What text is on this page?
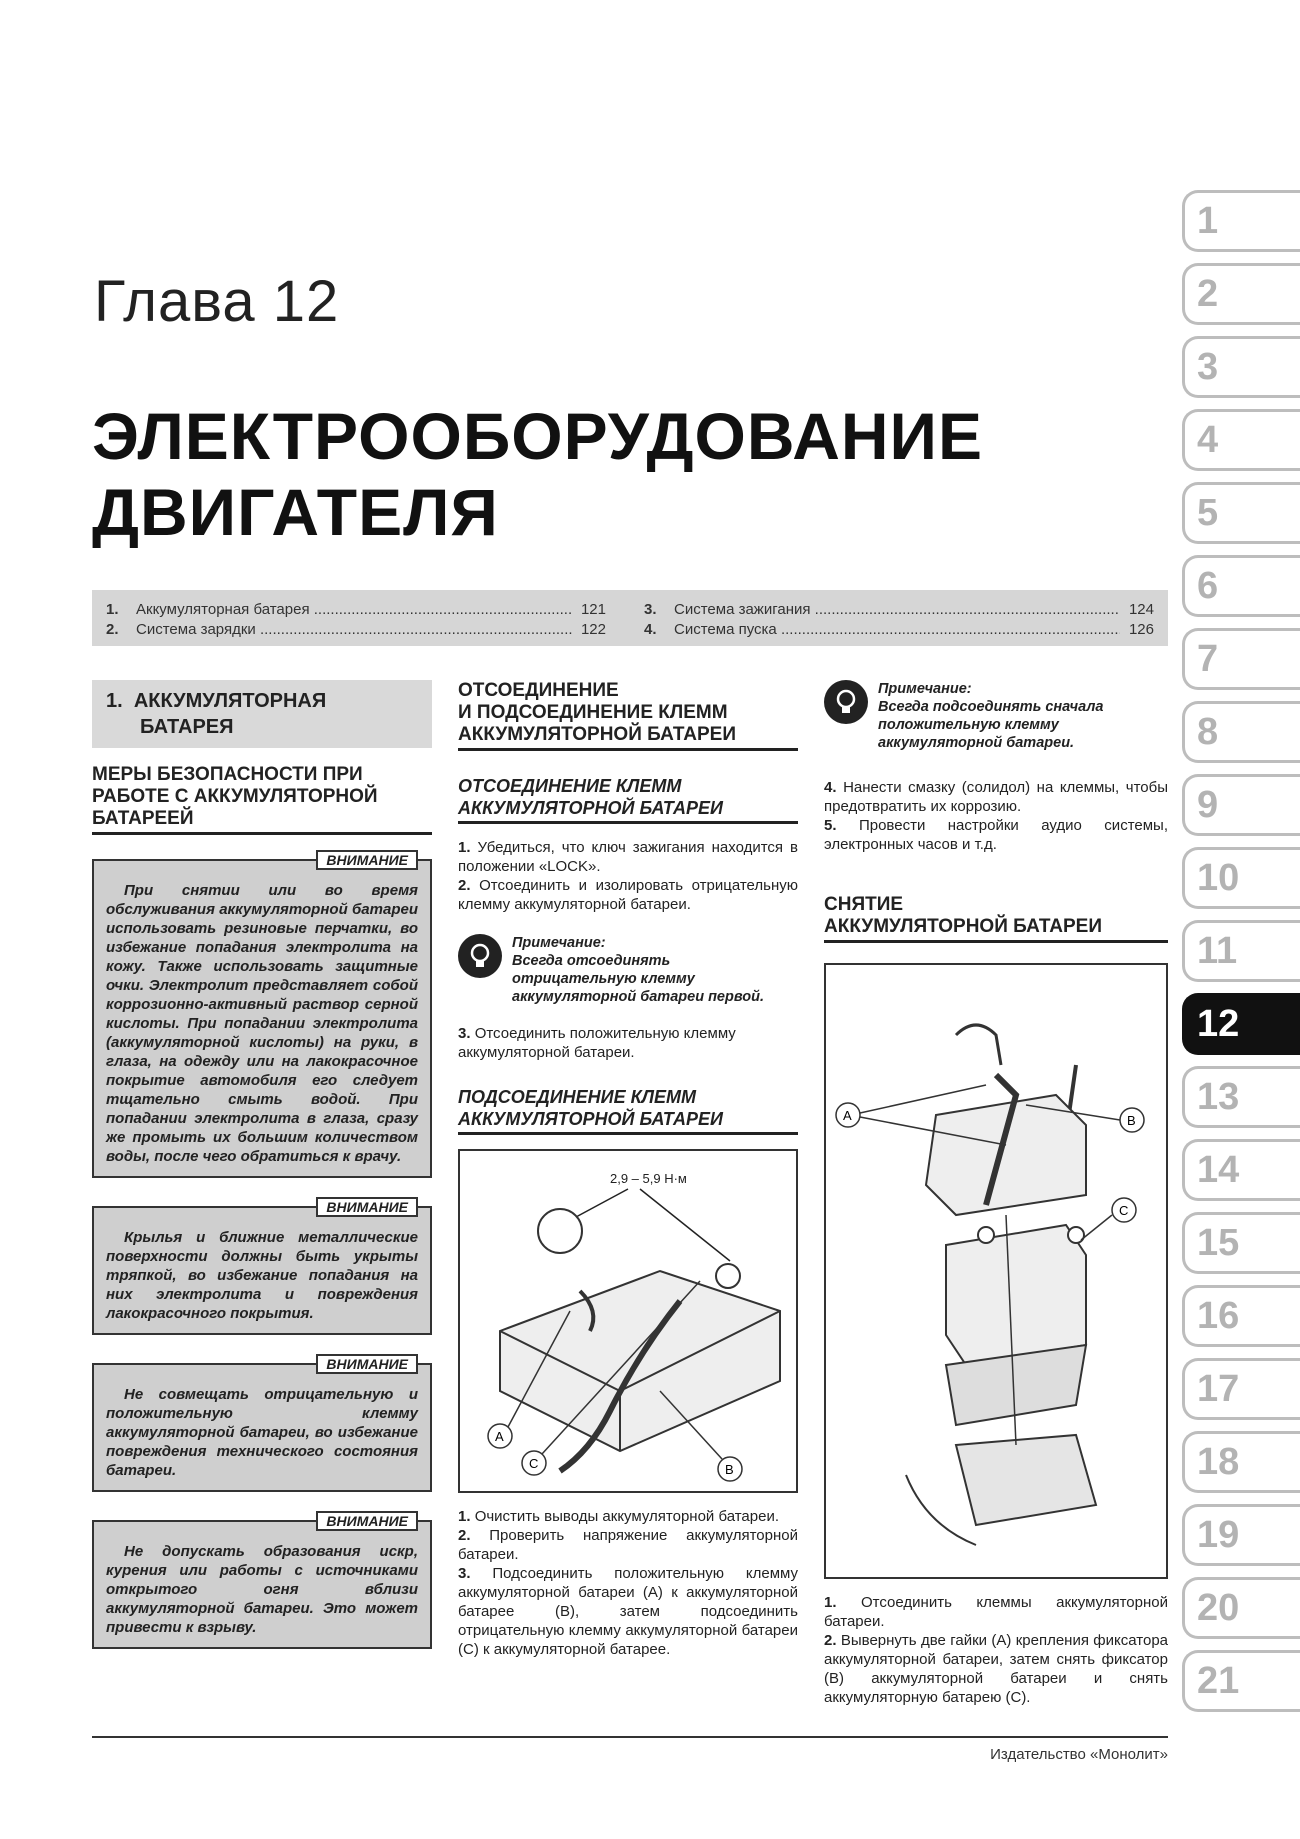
Глава 12
ЭЛЕКТРООБОРУДОВАНИЕ
ДВИГАТЕЛЯ
1.	Аккумуляторная батарея .....	121
2.	Система зарядки .....	122
3.	Система зажигания .....	124
4.	Система пуска .....	126
1. АККУМУЛЯТОРНАЯ
БАТАРЕЯ
МЕРЫ БЕЗОПАСНОСТИ ПРИ
РАБОТЕ С АККУМУЛЯТОРНОЙ
БАТАРЕЕЙ
ВНИМАНИЕ
При снятии или во время обслуживания аккумуляторной батареи использовать резиновые перчатки, во избежание попадания электролита на кожу. Также использовать защитные очки. Электролит представляет собой коррозионно-активный раствор серной кислоты. При попадании электролита (аккумуляторной кислоты) на руки, в глаза, на одежду или на лакокрасочное покрытие автомобиля его следует тщательно смыть водой. При попадании электролита в глаза, сразу же промыть их большим количеством воды, после чего обратиться к врачу.
ВНИМАНИЕ
Крылья и ближние металлические поверхности должны быть укрыты тряпкой, во избежание попадания на них электролита и повреждения лакокрасочного покрытия.
ВНИМАНИЕ
Не совмещать отрицательную и положительную клемму аккумуляторной батареи, во избежание повреждения технического состояния батареи.
ВНИМАНИЕ
Не допускать образования искр, курения или работы с источниками открытого огня вблизи аккумуляторной батареи. Это может привести к взрыву.
ОТСОЕДИНЕНИЕ
И ПОДСОЕДИНЕНИЕ КЛЕММ
АККУМУЛЯТОРНОЙ БАТАРЕИ
ОТСОЕДИНЕНИЕ КЛЕММ
АККУМУЛЯТОРНОЙ БАТАРЕИ

1. Убедиться, что ключ зажигания находится в положении «LOCK».

2. Отсоединить и изолировать отрицательную клемму аккумуляторной батареи.

Примечание:
Всегда отсоединять отрицательную клемму аккумуляторной батареи первой.

3. Отсоединить положительную клемму аккумуляторной батареи.

ПОДСОЕДИНЕНИЕ КЛЕММ
АККУМУЛЯТОРНОЙ БАТАРЕИ
2,9 – 5,9 Н·м
A
C	B

1. Очистить выводы аккумуляторной батареи.

2. Проверить напряжение аккумуляторной батареи.

3. Подсоединить положительную клемму аккумуляторной батареи (A) к аккумуляторной батарее (B), затем подсоединить отрицательную клемму аккумуляторной батареи (C) к аккумуляторной батарее.

Примечание:
Всегда подсоединять сначала положительную клемму аккумуляторной батареи.

4. Нанести смазку (солидол) на клеммы, чтобы предотвратить их коррозию.

5. Провести настройки аудио системы, электронных часов и т.д.

СНЯТИЕ
АККУМУЛЯТОРНОЙ БАТАРЕИ
A	B
C

1. Отсоединить клеммы аккумуляторной батареи.

2. Вывернуть две гайки (A) крепления фиксатора аккумуляторной батареи, затем снять фиксатор (B) аккумуляторной батареи и снять аккумуляторную батарею (C).

1
2
3
4
5
6
7
8
9
10
11
12
13
14
15
16
17
18
19
20
21
Издательство «Монолит»
